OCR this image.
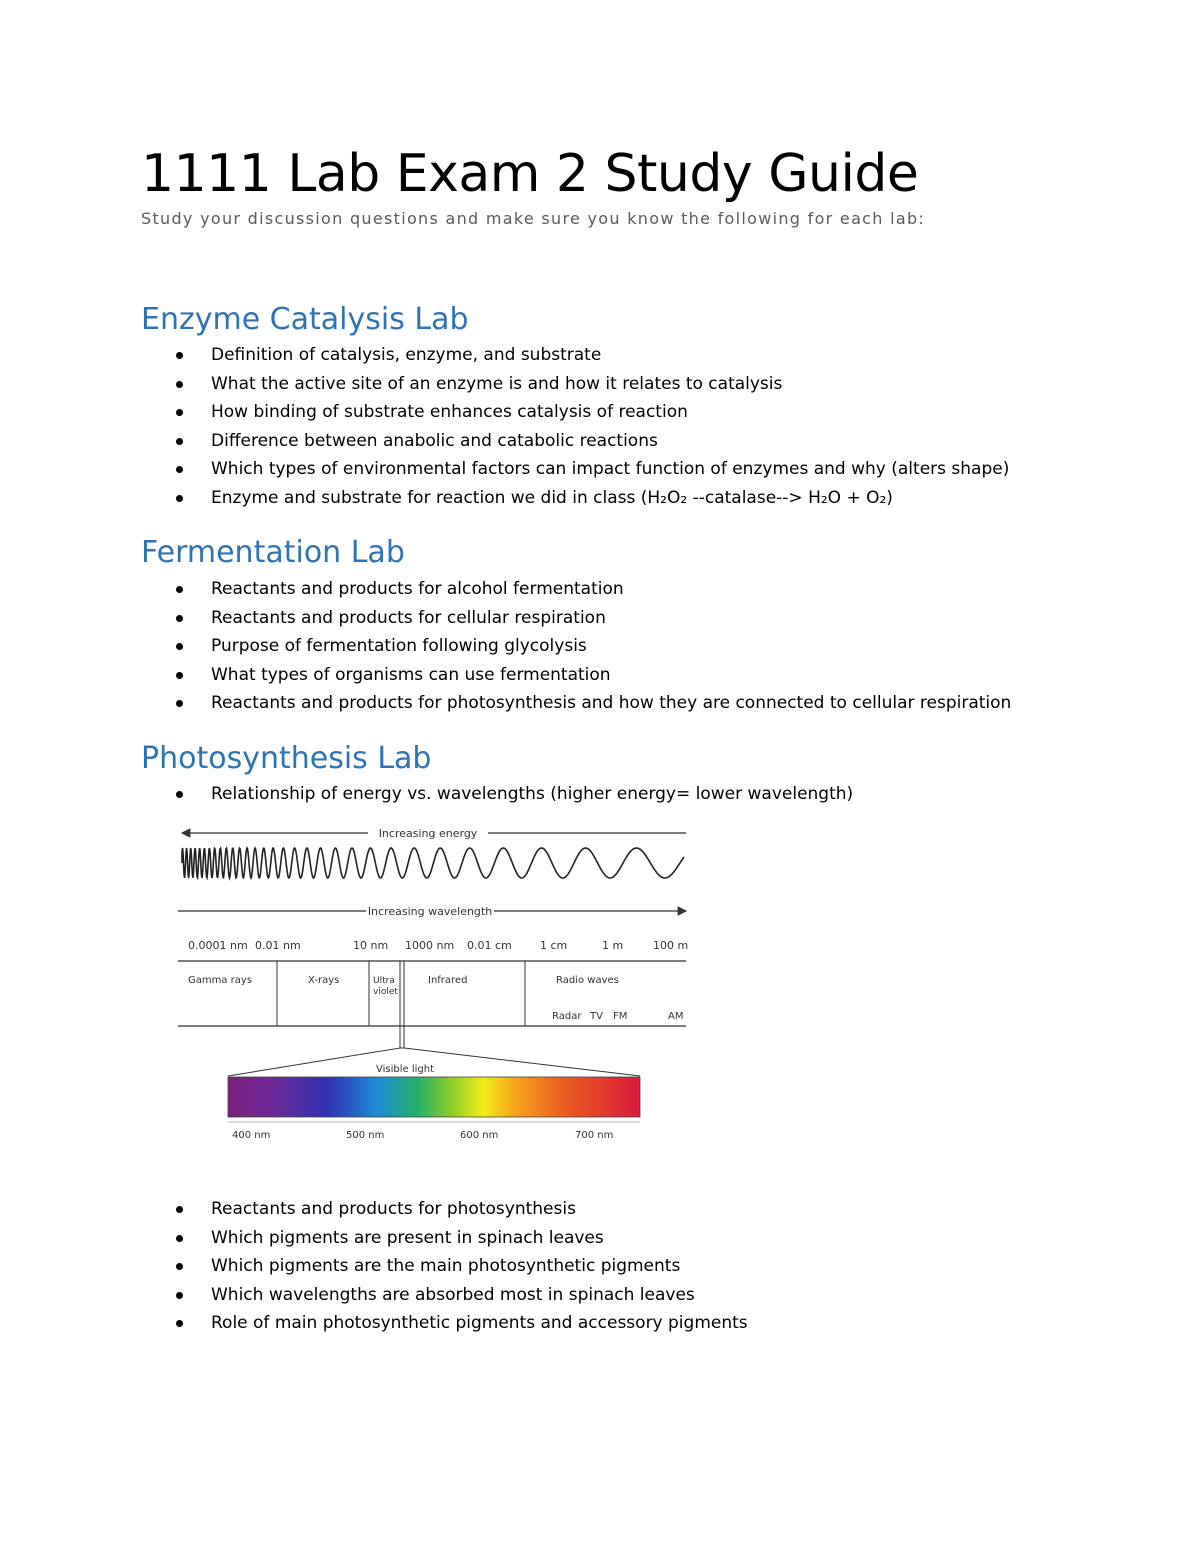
1111 Lab Exam 2 Study Guide

Study your discussion questions and make sure you know the following for each lab:

Enzyme Catalysis Lab
Definition of catalysis, enzyme, and substrate
What the active site of an enzyme is and how it relates to catalysis
How binding of substrate enhances catalysis of reaction
Difference between anabolic and catabolic reactions
Which types of environmental factors can impact function of enzymes and why (alters shape)
Enzyme and substrate for reaction we did in class (H₂O₂ --catalase--> H₂O + O₂)
Fermentation Lab
Reactants and products for alcohol fermentation
Reactants and products for cellular respiration
Purpose of fermentation following glycolysis
What types of organisms can use fermentation
Reactants and products for photosynthesis and how they are connected to cellular respiration
Photosynthesis Lab
Relationship of energy vs. wavelengths (higher energy= lower wavelength)
Increasing energy
Increasing wavelength
0.0001 nm 0.01 nm	10 nm 1000 nm 0.01 cm	1 cm	1 m	100 m
Gamma rays	X-rays	Ultra
violet
Infrared	Radio waves
Radar TV FM	AM
Visible light
400 nm	500 nm	600 nm	700 nm
Reactants and products for photosynthesis
Which pigments are present in spinach leaves
Which pigments are the main photosynthetic pigments
Which wavelengths are absorbed most in spinach leaves
Role of main photosynthetic pigments and accessory pigments
